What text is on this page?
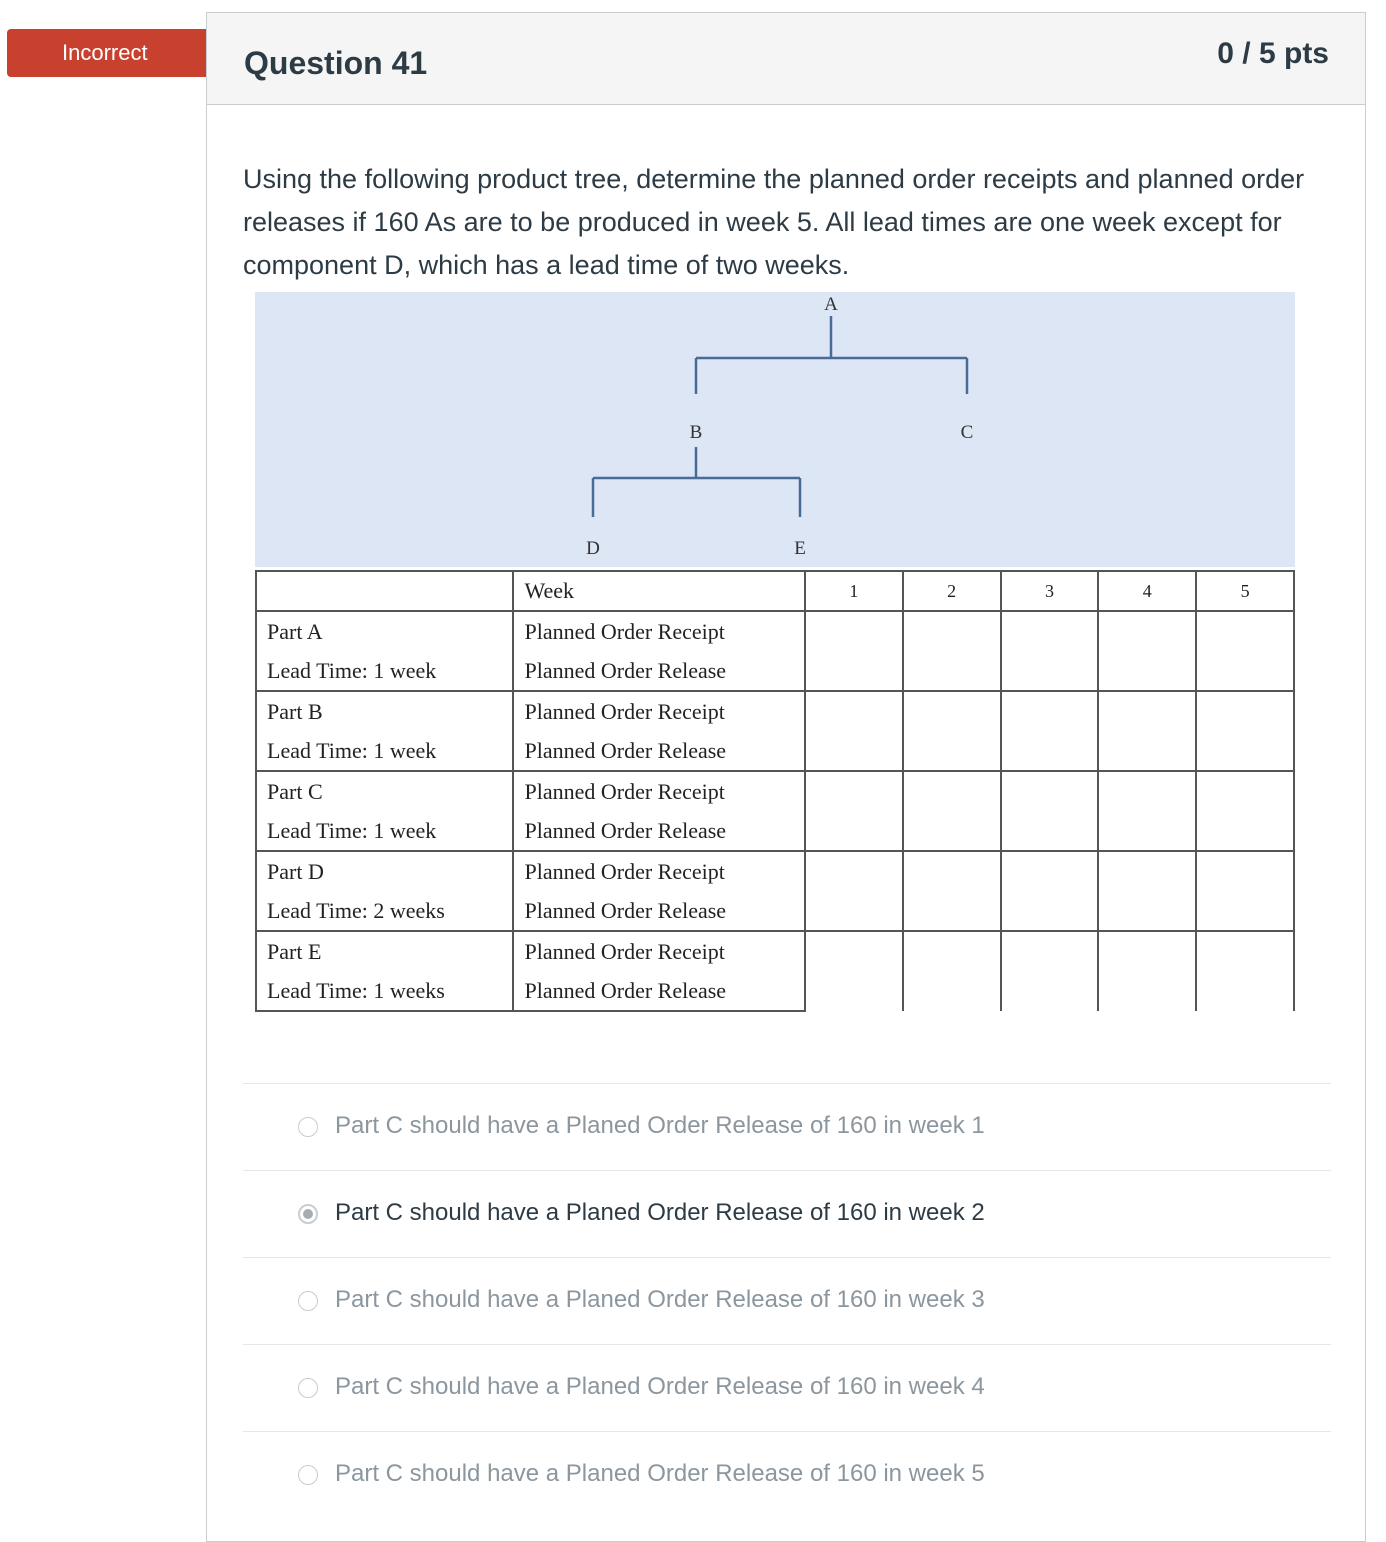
Incorrect	Question 41	0 / 5 pts

Using the following product tree, determine the planned order receipts and planned order releases if 160 As are to be produced in week 5. All lead times are one week except for component D, which has a lead time of two weeks.

A
B	C
D	E
	Week	1	2	3	4	5
Part A	Planned Order Receipt					
Lead Time: 1 week	Planned Order Release					
Part B	Planned Order Receipt					
Lead Time: 1 week	Planned Order Release					
Part C	Planned Order Receipt					
Lead Time: 1 week	Planned Order Release					
Part D	Planned Order Receipt					
Lead Time: 2 weeks	Planned Order Release					
Part E	Planned Order Receipt					
Lead Time: 1 weeks	Planned Order Release					
Part C should have a Planed Order Release of 160 in week 1
Part C should have a Planed Order Release of 160 in week 2
Part C should have a Planed Order Release of 160 in week 3
Part C should have a Planed Order Release of 160 in week 4
Part C should have a Planed Order Release of 160 in week 5
